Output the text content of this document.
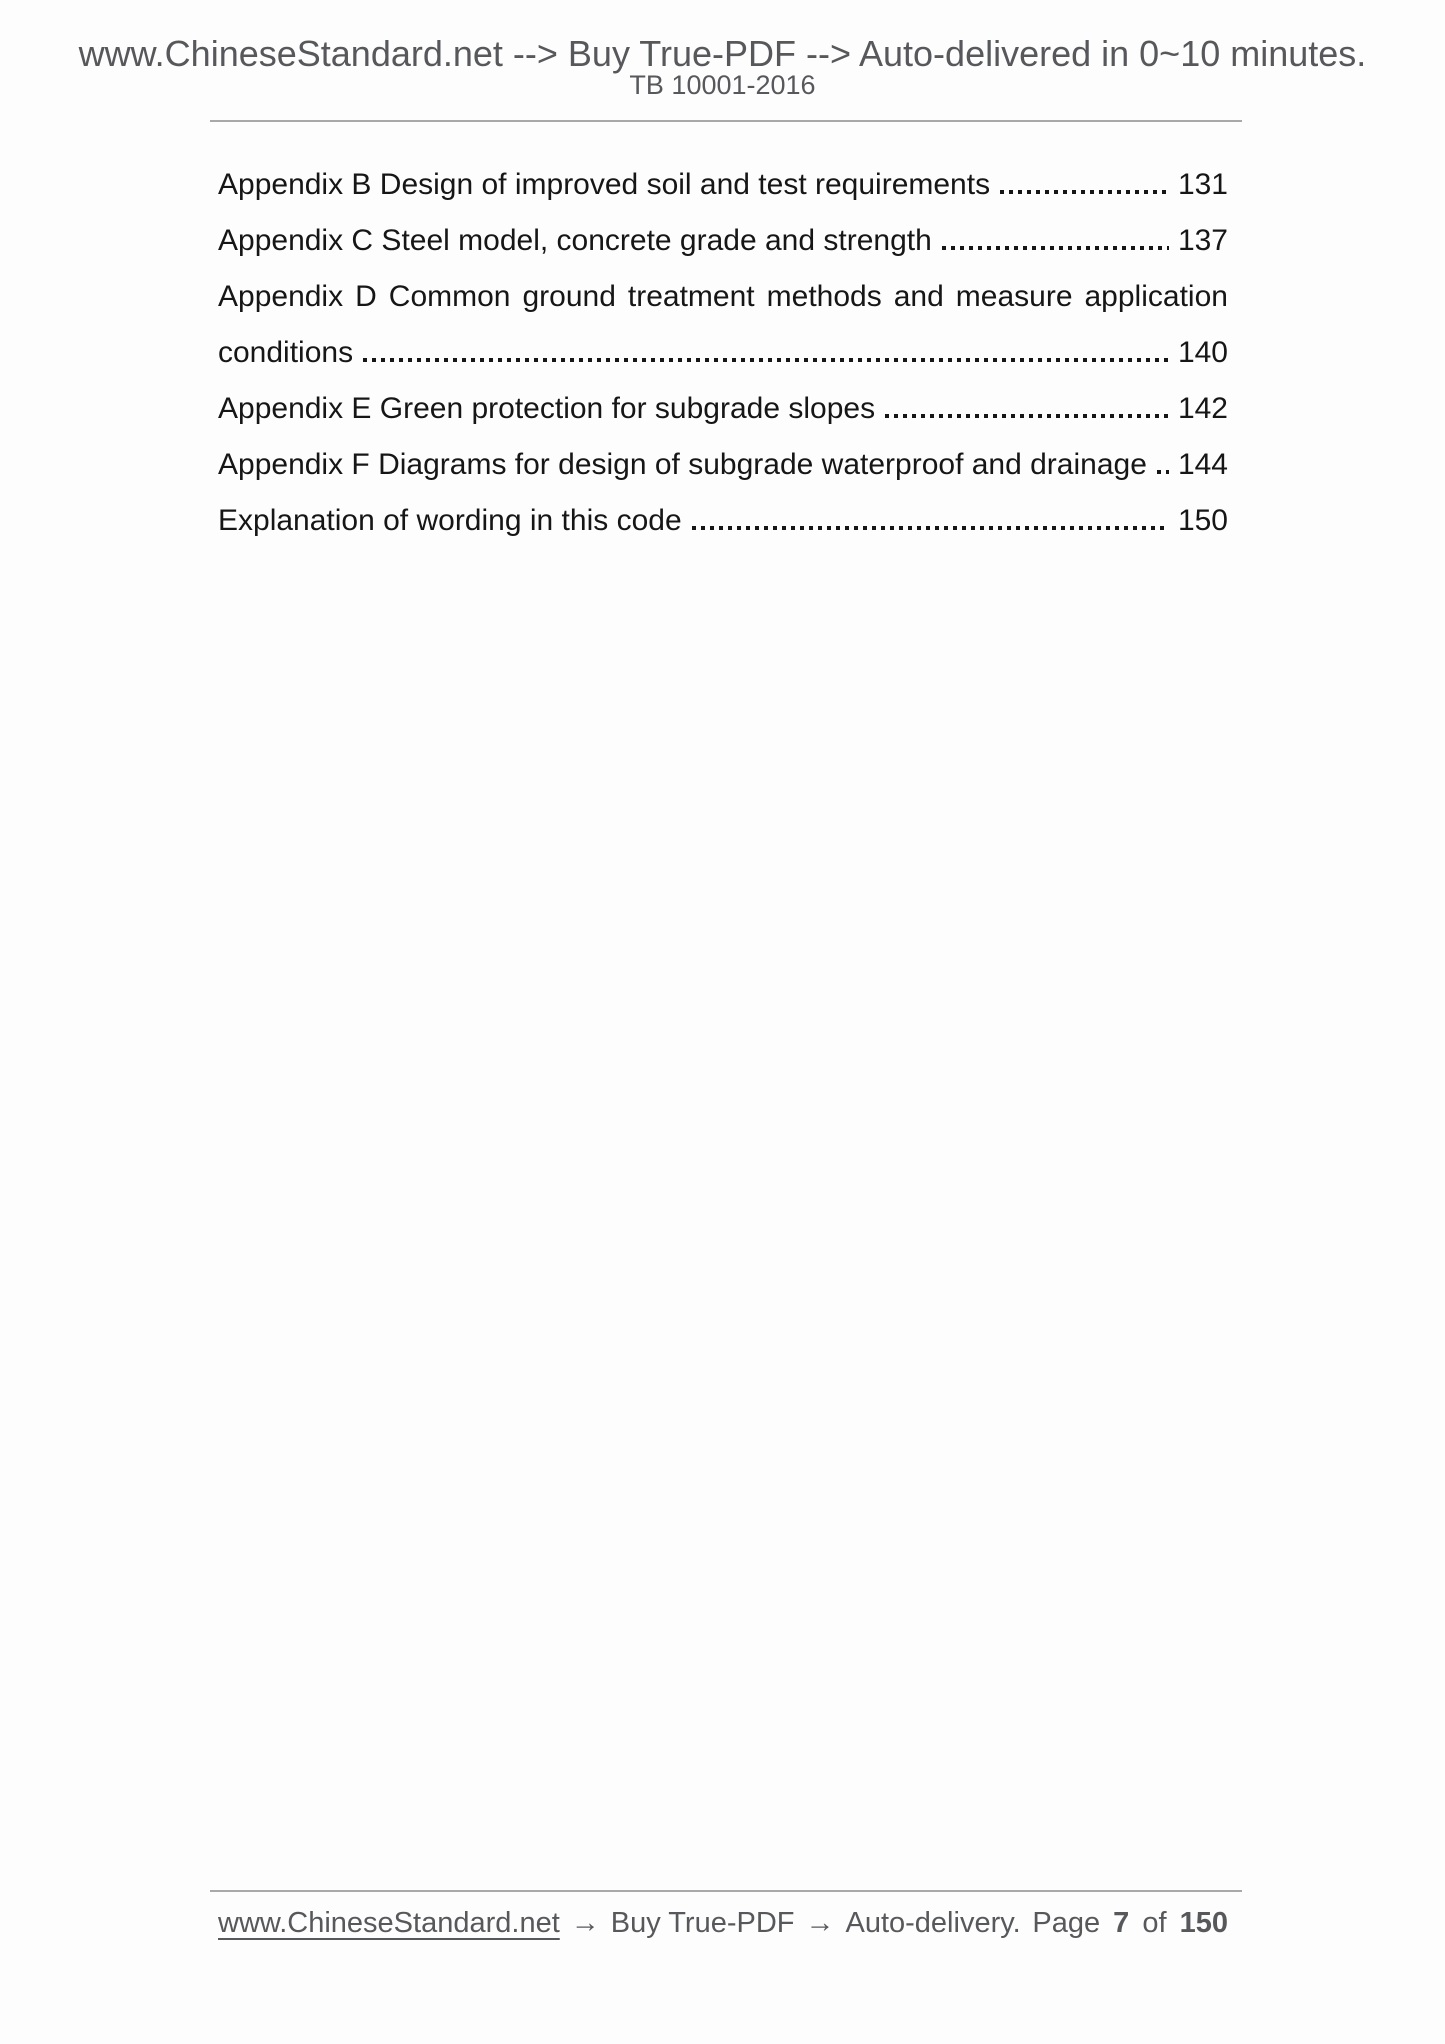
www.ChineseStandard.net --> Buy True-PDF --> Auto-delivered in 0~10 minutes.
TB 10001-2016
Appendix B Design of improved soil and test requirements	131
Appendix C Steel model, concrete grade and strength	137
Appendix D Common ground treatment methods and measure application
conditions	140
Appendix E Green protection for subgrade slopes	142
Appendix F Diagrams for design of subgrade waterproof and drainage 144
Explanation of wording in this code	150
www.ChineseStandard.net → Buy True-PDF → Auto-delivery. Page 7 of 150
